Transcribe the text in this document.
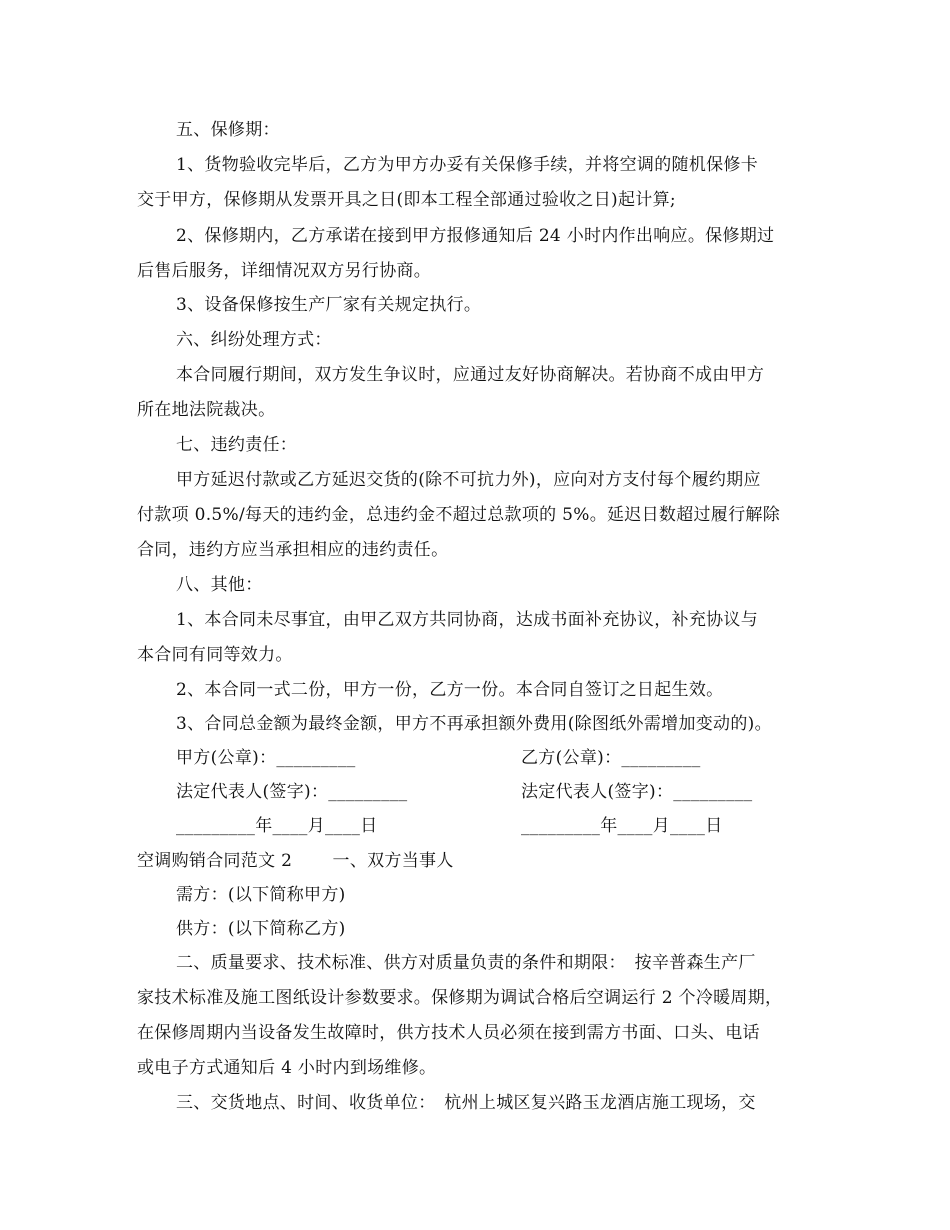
五、保修期：
1、货物验收完毕后，乙方为甲方办妥有关保修手续，并将空调的随机保修卡
交于甲方，保修期从发票开具之日(即本工程全部通过验收之日)起计算;
2、保修期内，乙方承诺在接到甲方报修通知后 24 小时内作出响应。保修期过
后售后服务，详细情况双方另行协商。
3、设备保修按生产厂家有关规定执行。
六、纠纷处理方式：
本合同履行期间，双方发生争议时，应通过友好协商解决。若协商不成由甲方
所在地法院裁决。
七、违约责任：
甲方延迟付款或乙方延迟交货的(除不可抗力外)，应向对方支付每个履约期应
付款项 0.5%/每天的违约金，总违约金不超过总款项的 5%。延迟日数超过履行解除
合同，违约方应当承担相应的违约责任。
八、其他：
1、本合同未尽事宜，由甲乙双方共同协商，达成书面补充协议，补充协议与
本合同有同等效力。
2、本合同一式二份，甲方一份，乙方一份。本合同自签订之日起生效。
3、合同总金额为最终金额，甲方不再承担额外费用(除图纸外需增加变动的)。
甲方(公章)：_________	乙方(公章)：_________
法定代表人(签字)：_________	法定代表人(签字)：_________
_________年____月____日	_________年____月____日
空调购销合同范文 2　　 一、双方当事人
需方：(以下简称甲方)
供方：(以下简称乙方)
二、质量要求、技术标准、供方对质量负责的条件和期限：　按辛普森生产厂
家技术标准及施工图纸设计参数要求。保修期为调试合格后空调运行 2 个冷暖周期，
在保修周期内当设备发生故障时，供方技术人员必须在接到需方书面、口头、电话
或电子方式通知后 4 小时内到场维修。
三、交货地点、时间、收货单位：　杭州上城区复兴路玉龙酒店施工现场，交
